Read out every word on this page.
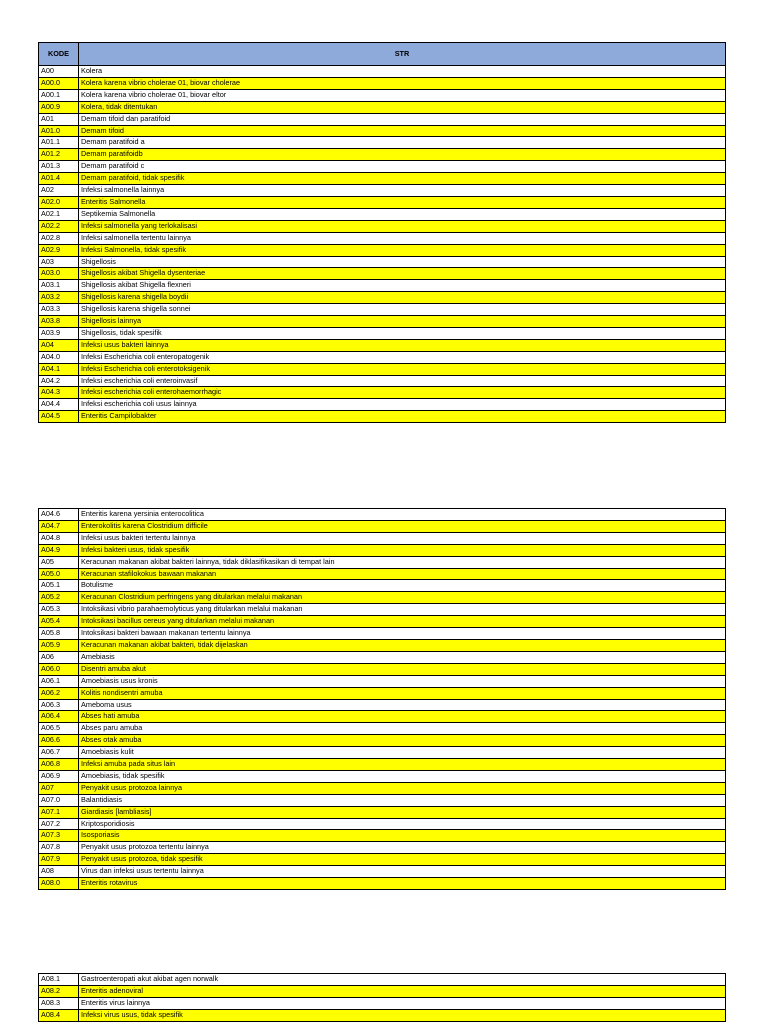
KODE	STR
A00	Kolera
A00.0	Kolera karena vibrio cholerae 01, biovar cholerae
A00.1	Kolera karena vibrio cholerae 01, biovar eltor
A00.9	Kolera, tidak ditentukan
A01	Demam tifoid dan paratifoid
A01.0	Demam tifoid
A01.1	Demam paratifoid a
A01.2	Demam paratifoidb
A01.3	Demam paratifoid c
A01.4	Demam paratifoid, tidak spesifik
A02	Infeksi salmonella lainnya
A02.0	Enteritis Salmonella
A02.1	Septikemia Salmonella
A02.2	Infeksi salmonella yang terlokalisasi
A02.8	Infeksi salmonella tertentu lainnya
A02.9	Infeksi Salmonella, tidak spesifik
A03	Shigellosis
A03.0	Shigellosis akibat Shigella dysenteriae
A03.1	Shigellosis akibat Shigella flexneri
A03.2	Shigellosis karena shigella boydii
A03.3	Shigellosis karena shigella sonnei
A03.8	Shigellosis lainnya
A03.9	Shigellosis, tidak spesifik
A04	Infeksi usus bakteri lainnya
A04.0	Infeksi Escherichia coli enteropatogenik
A04.1	Infeksi Escherichia coli enterotoksigenik
A04.2	Infeksi escherichia coli enteroinvasif
A04.3	Infeksi escherichia coli enterohaemorrhagic
A04.4	Infeksi escherichia coli usus lainnya
A04.5	Enteritis Campilobakter
A04.6	Enteritis karena yersinia enterocolitica
A04.7	Enterokolitis karena Clostridium difficile
A04.8	Infeksi usus bakteri tertentu lainnya
A04.9	Infeksi bakteri usus, tidak spesifik
A05	Keracunan makanan akibat bakteri lainnya, tidak diklasifikasikan di tempat lain
A05.0	Keracunan stafilokokus bawaan makanan
A05.1	Botulisme
A05.2	Keracunan Clostridium perfringens yang ditularkan melalui makanan
A05.3	Intoksikasi vibrio parahaemolyticus yang ditularkan melalui makanan
A05.4	Intoksikasi bacillus cereus yang ditularkan melalui makanan
A05.8	Intoksikasi bakteri bawaan makanan tertentu lainnya
A05.9	Keracunan makanan akibat bakteri, tidak dijelaskan
A06	Amebiasis
A06.0	Disentri amuba akut
A06.1	Amoebiasis usus kronis
A06.2	Kolitis nondisentri amuba
A06.3	Ameboma usus
A06.4	Abses hati amuba
A06.5	Abses paru amuba
A06.6	Abses otak amuba
A06.7	Amoebiasis kulit
A06.8	Infeksi amuba pada situs lain
A06.9	Amoebiasis, tidak spesifik
A07	Penyakit usus protozoa lainnya
A07.0	Balantidiasis
A07.1	Giardiasis [lambliasis]
A07.2	Kriptosporidiosis
A07.3	Isosporiasis
A07.8	Penyakit usus protozoa tertentu lainnya
A07.9	Penyakit usus protozoa, tidak spesifik
A08	Virus dan infeksi usus tertentu lainnya
A08.0	Enteritis rotavirus
A08.1	Gastroenteropati akut akibat agen norwalk
A08.2	Enteritis adenoviral
A08.3	Enteritis virus lainnya
A08.4	Infeksi virus usus, tidak spesifik
